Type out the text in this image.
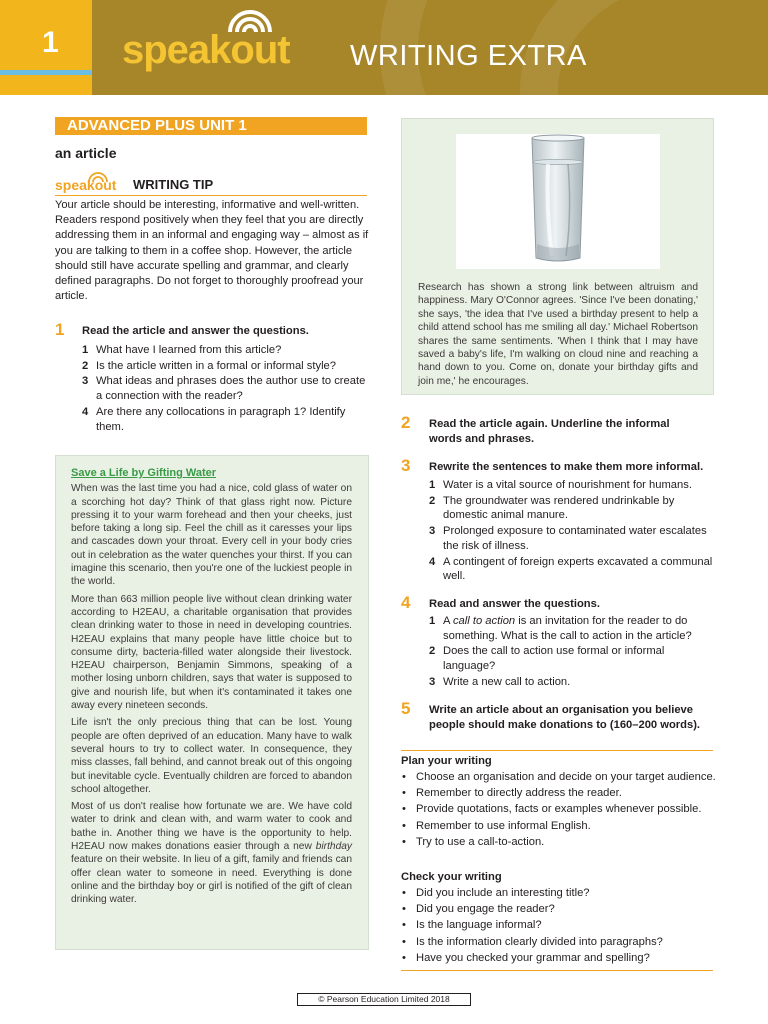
1 speakout WRITING EXTRA
ADVANCED PLUS UNIT 1
an article
speakout WRITING TIP
Your article should be interesting, informative and well-written. Readers respond positively when they feel that you are directly addressing them in an informal and engaging way – almost as if you are talking to them in a coffee shop. However, the article should still have accurate spelling and grammar, and clearly defined paragraphs. Do not forget to thoroughly proofread your article.
1 Read the article and answer the questions.
1 What have I learned from this article?
2 Is the article written in a formal or informal style?
3 What ideas and phrases does the author use to create a connection with the reader?
4 Are there any collocations in paragraph 1? Identify them.
Save a Life by Gifting Water

When was the last time you had a nice, cold glass of water on a scorching hot day? Think of that glass right now. Picture pressing it to your warm forehead and then your cheeks, just before taking a long sip. Feel the chill as it caresses your lips and cascades down your throat. Every cell in your body cries out in celebration as the water quenches your thirst. If you can imagine this scenario, then you're one of the luckiest people in the world.

More than 663 million people live without clean drinking water according to H2EAU, a charitable organisation that provides clean drinking water to those in need in developing countries. H2EAU explains that many people have little choice but to consume dirty, bacteria-filled water alongside their livestock. H2EAU chairperson, Benjamin Simmons, speaking of a mother losing unborn children, says that water is supposed to give and nourish life, but when it's contaminated it takes one away every nineteen seconds.

Life isn't the only precious thing that can be lost. Young people are often deprived of an education. Many have to walk several hours to try to collect water. In consequence, they miss classes, fall behind, and cannot break out of this ongoing but inevitable cycle. Eventually children are forced to abandon school altogether.

Most of us don't realise how fortunate we are. We have cold water to drink and clean with, and warm water to cook and bathe in. Another thing we have is the opportunity to help. H2EAU now makes donations easier through a new birthday feature on their website. In lieu of a gift, family and friends can offer clean water to someone in need. Everything is done online and the birthday boy or girl is notified of the gift of clean drinking water.

Research has shown a strong link between altruism and happiness. Mary O'Connor agrees. 'Since I've been donating,' she says, 'the idea that I've used a birthday present to help a child attend school has me smiling all day.' Michael Robertson shares the same sentiments. 'When I think that I may have saved a baby's life, I'm walking on cloud nine and reaching a hand down to you. Come on, donate your birthday gifts and join me,' he encourages.
2 Read the article again. Underline the informal words and phrases.
3 Rewrite the sentences to make them more informal.
1 Water is a vital source of nourishment for humans.
2 The groundwater was rendered undrinkable by domestic animal manure.
3 Prolonged exposure to contaminated water escalates the risk of illness.
4 A contingent of foreign experts excavated a communal well.
4 Read and answer the questions.
1 A call to action is an invitation for the reader to do something. What is the call to action in the article?
2 Does the call to action use formal or informal language?
3 Write a new call to action.
5 Write an article about an organisation you believe people should make donations to (160–200 words).
Plan your writing
• Choose an organisation and decide on your target audience.
• Remember to directly address the reader.
• Provide quotations, facts or examples whenever possible.
• Remember to use informal English.
• Try to use a call-to-action.
Check your writing
• Did you include an interesting title?
• Did you engage the reader?
• Is the language informal?
• Is the information clearly divided into paragraphs?
• Have you checked your grammar and spelling?
© Pearson Education Limited 2018
